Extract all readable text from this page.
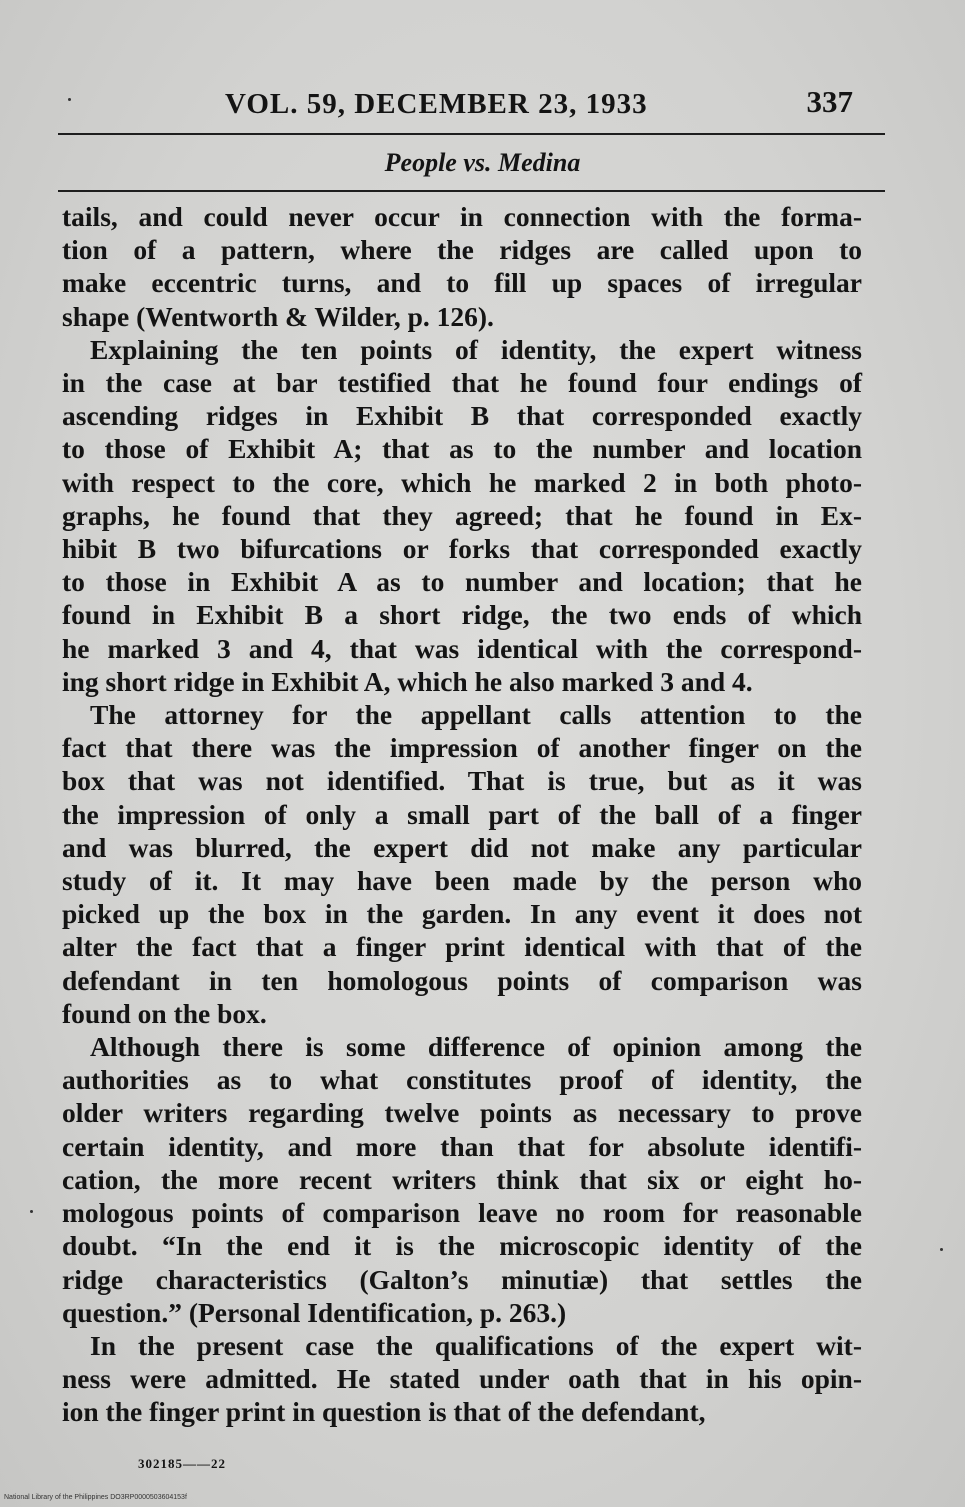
VOL. 59, DECEMBER 23, 1933	337
People vs. Medina

tails, and could never occur in connection with the forma-
tion of a pattern, where the ridges are called upon to
make eccentric turns, and to fill up spaces of irregular
shape (Wentworth & Wilder, p. 126).

Explaining the ten points of identity, the expert witness
in the case at bar testified that he found four endings of
ascending ridges in Exhibit B that corresponded exactly
to those of Exhibit A; that as to the number and location
with respect to the core, which he marked 2 in both photo-
graphs, he found that they agreed; that he found in Ex-
hibit B two bifurcations or forks that corresponded exactly
to those in Exhibit A as to number and location; that he
found in Exhibit B a short ridge, the two ends of which
he marked 3 and 4, that was identical with the correspond-
ing short ridge in Exhibit A, which he also marked 3 and 4.

The attorney for the appellant calls attention to the
fact that there was the impression of another finger on the
box that was not identified. That is true, but as it was
the impression of only a small part of the ball of a finger
and was blurred, the expert did not make any particular
study of it. It may have been made by the person who
picked up the box in the garden. In any event it does not
alter the fact that a finger print identical with that of the
defendant in ten homologous points of comparison was
found on the box.

Although there is some difference of opinion among the
authorities as to what constitutes proof of identity, the
older writers regarding twelve points as necessary to prove
certain identity, and more than that for absolute identifi-
cation, the more recent writers think that six or eight ho-
mologous points of comparison leave no room for reasonable
doubt. “In the end it is the microscopic identity of the
ridge characteristics (Galton’s minutiæ) that settles the
question.” (Personal Identification, p. 263.)

In the present case the qualifications of the expert wit-
ness were admitted. He stated under oath that in his opin-
ion the finger print in question is that of the defendant,

302185——22
National Library of the Philippines DO3RP0000503604153f
